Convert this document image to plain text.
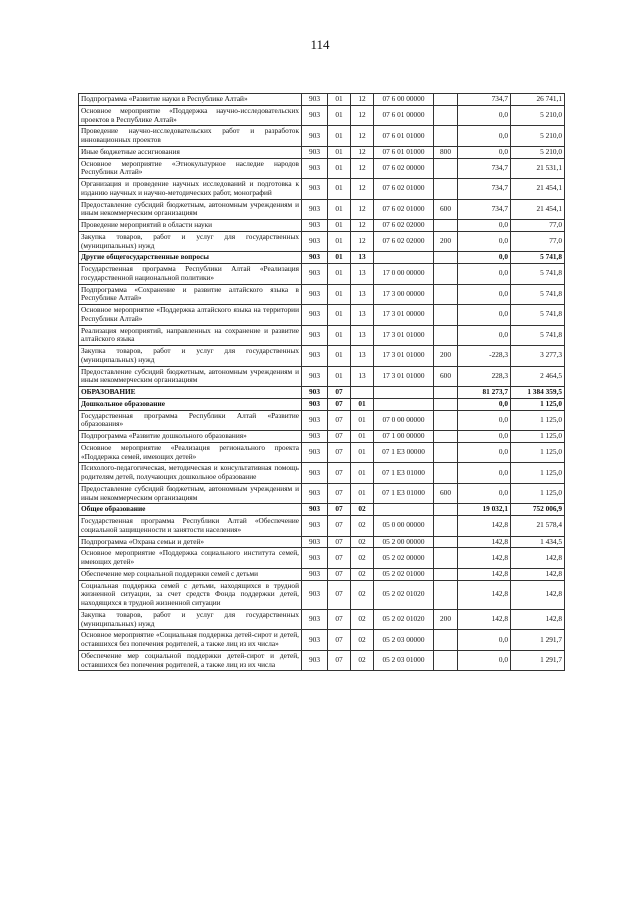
114
Подпрограмма «Развитие науки в Республике Алтай»	903	01	12	07 6 00 00000		734,7	26 741,1
Основное мероприятие «Поддержка научно-исследовательских проектов в Республике Алтай»	903	01	12	07 6 01 00000		0,0	5 210,0
Проведение научно-исследовательских работ и разработок инновационных проектов	903	01	12	07 6 01 01000		0,0	5 210,0
Иные бюджетные ассигнования	903	01	12	07 6 01 01000	800	0,0	5 210,0
Основное мероприятие «Этнокультурное наследие народов Республики Алтай»	903	01	12	07 6 02 00000		734,7	21 531,1
Организация и проведение научных исследований и подготовка к изданию научных и научно-методических работ, монографий	903	01	12	07 6 02 01000		734,7	21 454,1
Предоставление субсидий бюджетным, автономным учреждениям и иным некоммерческим организациям	903	01	12	07 6 02 01000	600	734,7	21 454,1
Проведение мероприятий в области науки	903	01	12	07 6 02 02000		0,0	77,0
Закупка товаров, работ и услуг для государственных (муниципальных) нужд	903	01	12	07 6 02 02000	200	0,0	77,0
Другие общегосударственные вопросы	903	01	13			0,0	5 741,8
Государственная программа Республики Алтай «Реализация государственной национальной политики»	903	01	13	17 0 00 00000		0,0	5 741,8
Подпрограмма «Сохранение и развитие алтайского языка в Республике Алтай»	903	01	13	17 3 00 00000		0,0	5 741,8
Основное мероприятие «Поддержка алтайского языка на территории Республики Алтай»	903	01	13	17 3 01 00000		0,0	5 741,8
Реализация мероприятий, направленных на сохранение и развитие алтайского языка	903	01	13	17 3 01 01000		0,0	5 741,8
Закупка товаров, работ и услуг для государственных (муниципальных) нужд	903	01	13	17 3 01 01000	200	-228,3	3 277,3
Предоставление субсидий бюджетным, автономным учреждениям и иным некоммерческим организациям	903	01	13	17 3 01 01000	600	228,3	2 464,5
ОБРАЗОВАНИЕ	903	07				81 273,7	1 384 359,5
Дошкольное образование	903	07	01			0,0	1 125,0
Государственная программа Республики Алтай «Развитие образования»	903	07	01	07 0 00 00000		0,0	1 125,0
Подпрограмма «Развитие дошкольного образования»	903	07	01	07 1 00 00000		0,0	1 125,0
Основное мероприятие «Реализация регионального проекта «Поддержка семей, имеющих детей»	903	07	01	07 1 E3 00000		0,0	1 125,0
Психолого-педагогическая, методическая и консультативная помощь родителям детей, получающих дошкольное образование	903	07	01	07 1 E3 01000		0,0	1 125,0
Предоставление субсидий бюджетным, автономным учреждениям и иным некоммерческим организациям	903	07	01	07 1 E3 01000	600	0,0	1 125,0
Общее образование	903	07	02			19 032,1	752 006,9
Государственная программа Республики Алтай «Обеспечение социальной защищенности и занятости населения»	903	07	02	05 0 00 00000		142,8	21 578,4
Подпрограмма «Охрана семьи и детей»	903	07	02	05 2 00 00000		142,8	1 434,5
Основное мероприятие «Поддержка социального института семей, имеющих детей»	903	07	02	05 2 02 00000		142,8	142,8
Обеспечение мер социальной поддержки семей с детьми	903	07	02	05 2 02 01000		142,8	142,8
Социальная поддержка семей с детьми, находящихся в трудной жизненной ситуации, за счет средств Фонда поддержки детей, находящихся в трудной жизненной ситуации	903	07	02	05 2 02 01020		142,8	142,8
Закупка товаров, работ и услуг для государственных (муниципальных) нужд	903	07	02	05 2 02 01020	200	142,8	142,8
Основное мероприятие «Социальная поддержка детей-сирот и детей, оставшихся без попечения родителей, а также лиц из их числа»	903	07	02	05 2 03 00000		0,0	1 291,7
Обеспечение мер социальной поддержки детей-сирот и детей, оставшихся без попечения родителей, а также лиц из их числа	903	07	02	05 2 03 01000		0,0	1 291,7
